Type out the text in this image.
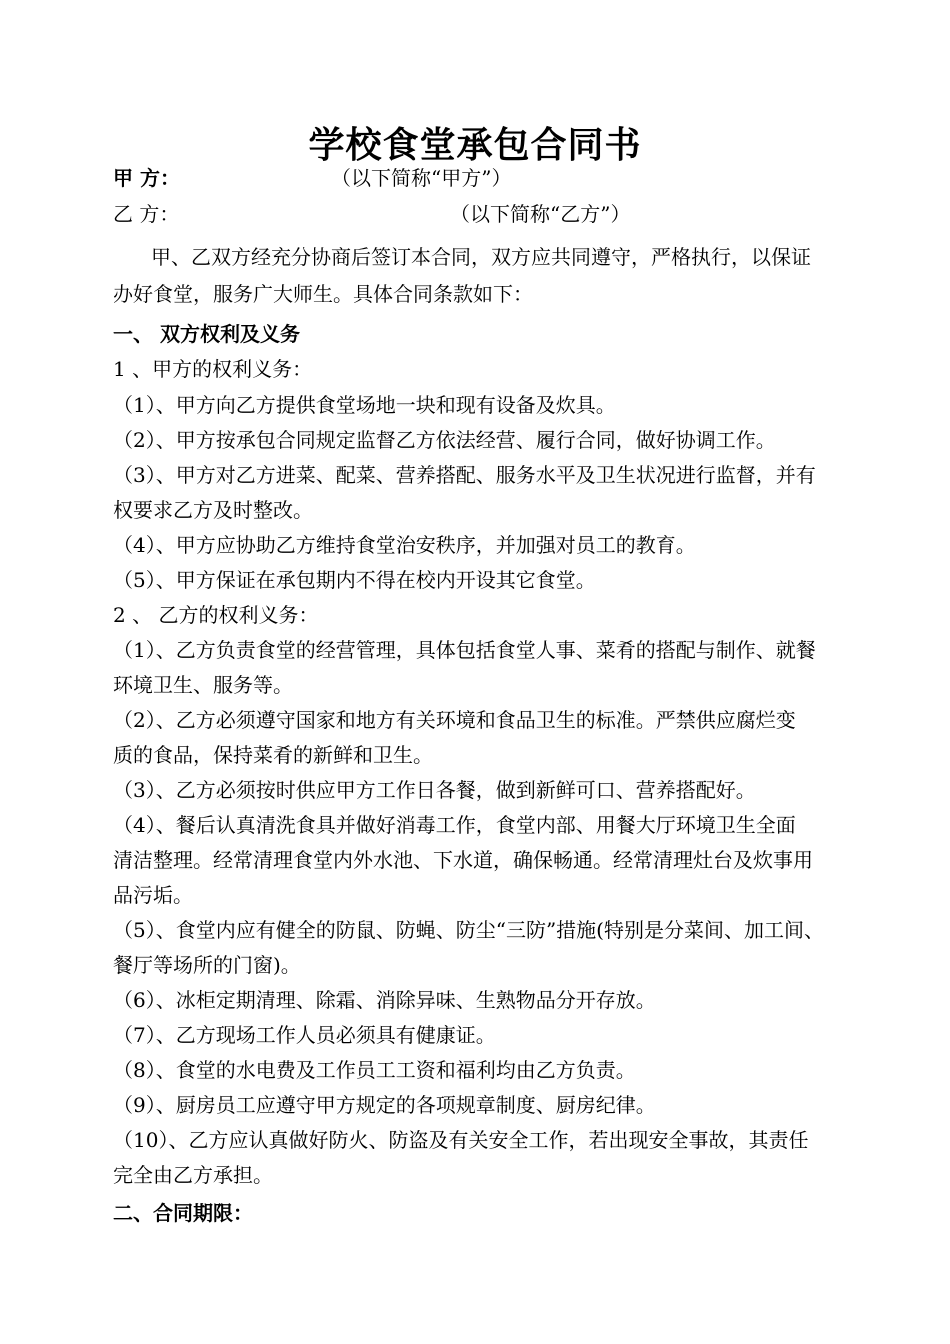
学校食堂承包合同书
甲 方：	（以下简称“甲方”）
乙 方：	（以下简称“乙方”）
甲、乙双方经充分协商后签订本合同，双方应共同遵守，严格执行，以保证
办好食堂，服务广大师生。具体合同条款如下：
一、 双方权利及义务
1 、甲方的权利义务：
（1）、甲方向乙方提供食堂场地一块和现有设备及炊具。
（2）、甲方按承包合同规定监督乙方依法经营、履行合同，做好协调工作。
（3）、甲方对乙方进菜、配菜、营养搭配、服务水平及卫生状况进行监督，并有
权要求乙方及时整改。
（4）、甲方应协助乙方维持食堂治安秩序，并加强对员工的教育。
（5）、甲方保证在承包期内不得在校内开设其它食堂。
2 、 乙方的权利义务：
（1）、乙方负责食堂的经营管理，具体包括食堂人事、菜肴的搭配与制作、就餐
环境卫生、服务等。
（2）、乙方必须遵守国家和地方有关环境和食品卫生的标准。严禁供应腐烂变
质的食品，保持菜肴的新鲜和卫生。
（3）、乙方必须按时供应甲方工作日各餐，做到新鲜可口、营养搭配好。
（4）、餐后认真清洗食具并做好消毒工作，食堂内部、用餐大厅环境卫生全面
清洁整理。经常清理食堂内外水池、下水道，确保畅通。经常清理灶台及炊事用
品污垢。
（5）、食堂内应有健全的防鼠、防蝇、防尘“三防”措施(特别是分菜间、加工间、
餐厅等场所的门窗)。
（6）、冰柜定期清理、除霜、消除异味、生熟物品分开存放。
（7）、乙方现场工作人员必须具有健康证。
（8）、食堂的水电费及工作员工工资和福利均由乙方负责。
（9）、厨房员工应遵守甲方规定的各项规章制度、厨房纪律。
（10）、乙方应认真做好防火、防盗及有关安全工作，若出现安全事故，其责任
完全由乙方承担。
二、合同期限：
